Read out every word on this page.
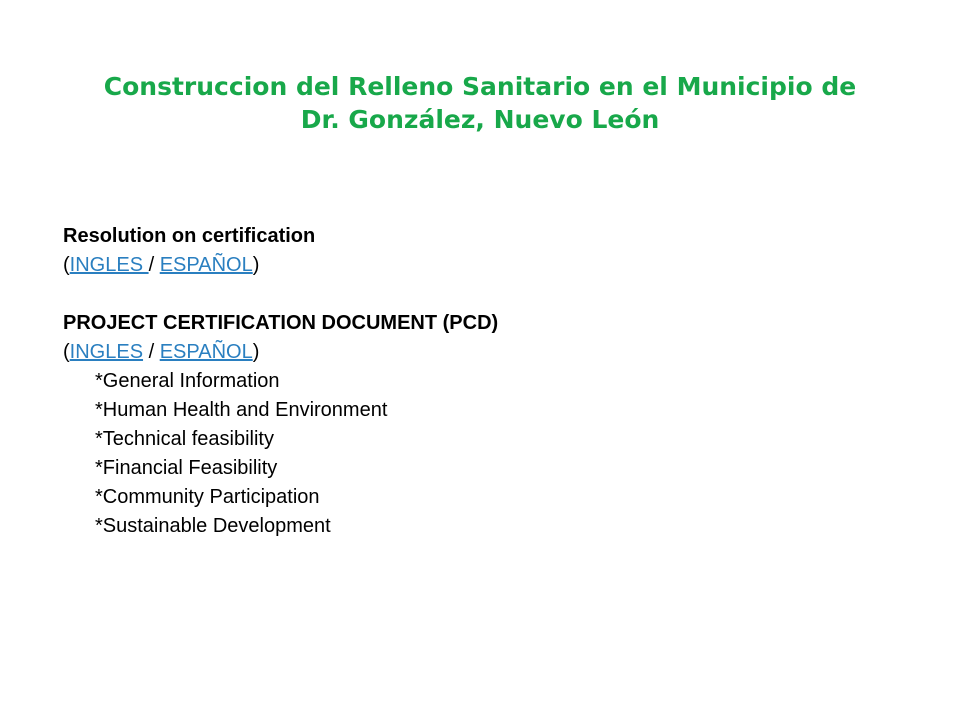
Construccion del Relleno Sanitario en el Municipio de
Dr. González, Nuevo León
Resolution on certification
(INGLES / ESPAÑOL)
PROJECT CERTIFICATION DOCUMENT (PCD)
(INGLES / ESPAÑOL)
*General Information
*Human Health and Environment
*Technical feasibility
*Financial Feasibility
*Community Participation
*Sustainable Development
